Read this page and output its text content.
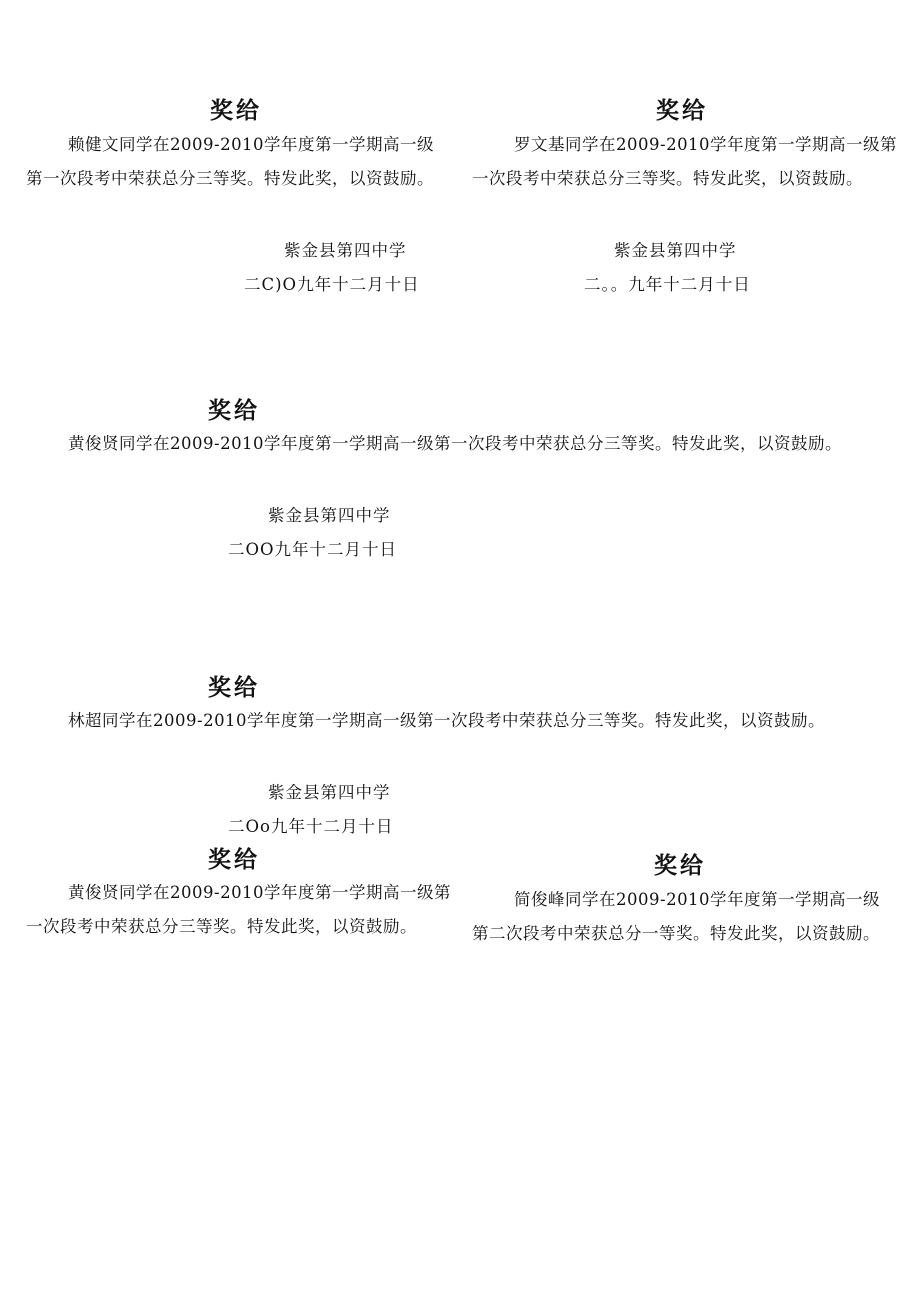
奖给

赖健文同学在2009-2010学年度第一学期高一级第一次段考中荣获总分三等奖。特发此奖，以资鼓励。

紫金县第四中学
二C)O九年十二月十日
奖给

罗文基同学在2009-2010学年度第一学期高一级第一次段考中荣获总分三等奖。特发此奖，以资鼓励。

紫金县第四中学
二。。九年十二月十日
奖给

黄俊贤同学在2009-2010学年度第一学期高一级第一次段考中荣获总分三等奖。特发此奖，以资鼓励。

紫金县第四中学
二OO九年十二月十日
奖给

林超同学在2009-2010学年度第一学期高一级第一次段考中荣获总分三等奖。特发此奖，以资鼓励。

紫金县第四中学
二Oo九年十二月十日
奖给

黄俊贤同学在2009-2010学年度第一学期高一级第一次段考中荣获总分三等奖。特发此奖，以资鼓励。

奖给

简俊峰同学在2009-2010学年度第一学期高一级第二次段考中荣获总分一等奖。特发此奖，以资鼓励。
